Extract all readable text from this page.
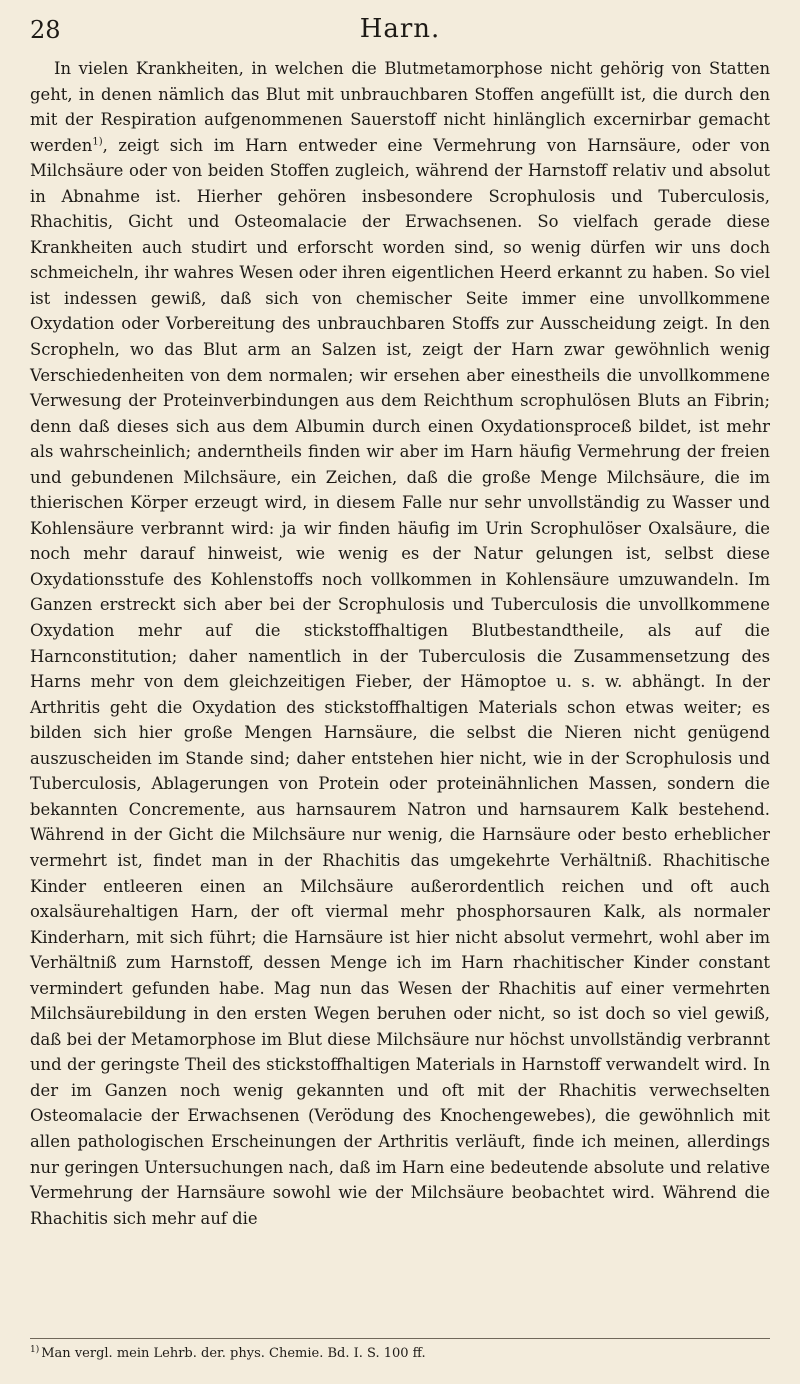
28	Harn.

In vielen Krankheiten, in welchen die Blutmetamorphose nicht gehörig von Statten geht, in denen nämlich das Blut mit unbrauchbaren Stoffen angefüllt ist, die durch den mit der Respiration aufgenommenen Sauerstoff nicht hinlänglich excernirbar gemacht werden$^{1)}$, zeigt sich im Harn entweder eine Vermehrung von Harnsäure, oder von Milchsäure oder von beiden Stoffen zugleich, während der Harnstoff relativ und absolut in Abnahme ist. Hierher gehören insbesondere Scrophulosis und Tuberculosis, Rhachitis, Gicht und Osteomalacie der Erwachsenen. So vielfach gerade diese Krankheiten auch studirt und erforscht worden sind, so wenig dürfen wir uns doch schmeicheln, ihr wahres Wesen oder ihren eigentlichen Heerd erkannt zu haben. So viel ist indessen gewiß, daß sich von chemischer Seite immer eine unvollkommene Oxydation oder Vorbereitung des unbrauchbaren Stoffs zur Ausscheidung zeigt. In den Scropheln, wo das Blut arm an Salzen ist, zeigt der Harn zwar gewöhnlich wenig Verschiedenheiten von dem normalen; wir ersehen aber einestheils die unvollkommene Verwesung der Proteinverbindungen aus dem Reichthum scrophulösen Bluts an Fibrin; denn daß dieses sich aus dem Albumin durch einen Oxydationsproceß bildet, ist mehr als wahrscheinlich; anderntheils finden wir aber im Harn häufig Vermehrung der freien und gebundenen Milchsäure, ein Zeichen, daß die große Menge Milchsäure, die im thierischen Körper erzeugt wird, in diesem Falle nur sehr unvollständig zu Wasser und Kohlensäure verbrannt wird: ja wir finden häufig im Urin Scrophulöser Oxalsäure, die noch mehr darauf hinweist, wie wenig es der Natur gelungen ist, selbst diese Oxydationsstufe des Kohlenstoffs noch vollkommen in Kohlensäure umzuwandeln. Im Ganzen erstreckt sich aber bei der Scrophulosis und Tuberculosis die unvollkommene Oxydation mehr auf die stickstoffhaltigen Blutbestandtheile, als auf die Harnconstitution; daher namentlich in der Tuberculosis die Zusammensetzung des Harns mehr von dem gleichzeitigen Fieber, der Hämoptoe u. s. w. abhängt. In der Arthritis geht die Oxydation des stickstoffhaltigen Materials schon etwas weiter; es bilden sich hier große Mengen Harnsäure, die selbst die Nieren nicht genügend auszuscheiden im Stande sind; daher entstehen hier nicht, wie in der Scrophulosis und Tuberculosis, Ablagerungen von Protein oder proteinähnlichen Massen, sondern die bekannten Concremente, aus harnsaurem Natron und harnsaurem Kalk bestehend. Während in der Gicht die Milchsäure nur wenig, die Harnsäure oder besto erheblicher vermehrt ist, findet man in der Rhachitis das umgekehrte Verhältniß. Rhachitische Kinder entleeren einen an Milchsäure außerordentlich reichen und oft auch oxalsäurehaltigen Harn, der oft viermal mehr phosphorsauren Kalk, als normaler Kinderharn, mit sich führt; die Harnsäure ist hier nicht absolut vermehrt, wohl aber im Verhältniß zum Harnstoff, dessen Menge ich im Harn rhachitischer Kinder constant vermindert gefunden habe. Mag nun das Wesen der Rhachitis auf einer vermehrten Milchsäurebildung in den ersten Wegen beruhen oder nicht, so ist doch so viel gewiß, daß bei der Metamorphose im Blut diese Milchsäure nur höchst unvollständig verbrannt und der geringste Theil des stickstoffhaltigen Materials in Harnstoff verwandelt wird. In der im Ganzen noch wenig gekannten und oft mit der Rhachitis verwechselten Osteomalacie der Erwachsenen (Verödung des Knochengewebes), die gewöhnlich mit allen pathologischen Erscheinungen der Arthritis verläuft, finde ich meinen, allerdings nur geringen Untersuchungen nach, daß im Harn eine bedeutende absolute und relative Vermehrung der Harnsäure sowohl wie der Milchsäure beobachtet wird. Während die Rhachitis sich mehr auf die

$^{1)}$ Man vergl. mein Lehrb. der. phys. Chemie. Bd. I. S. 100 ff.
